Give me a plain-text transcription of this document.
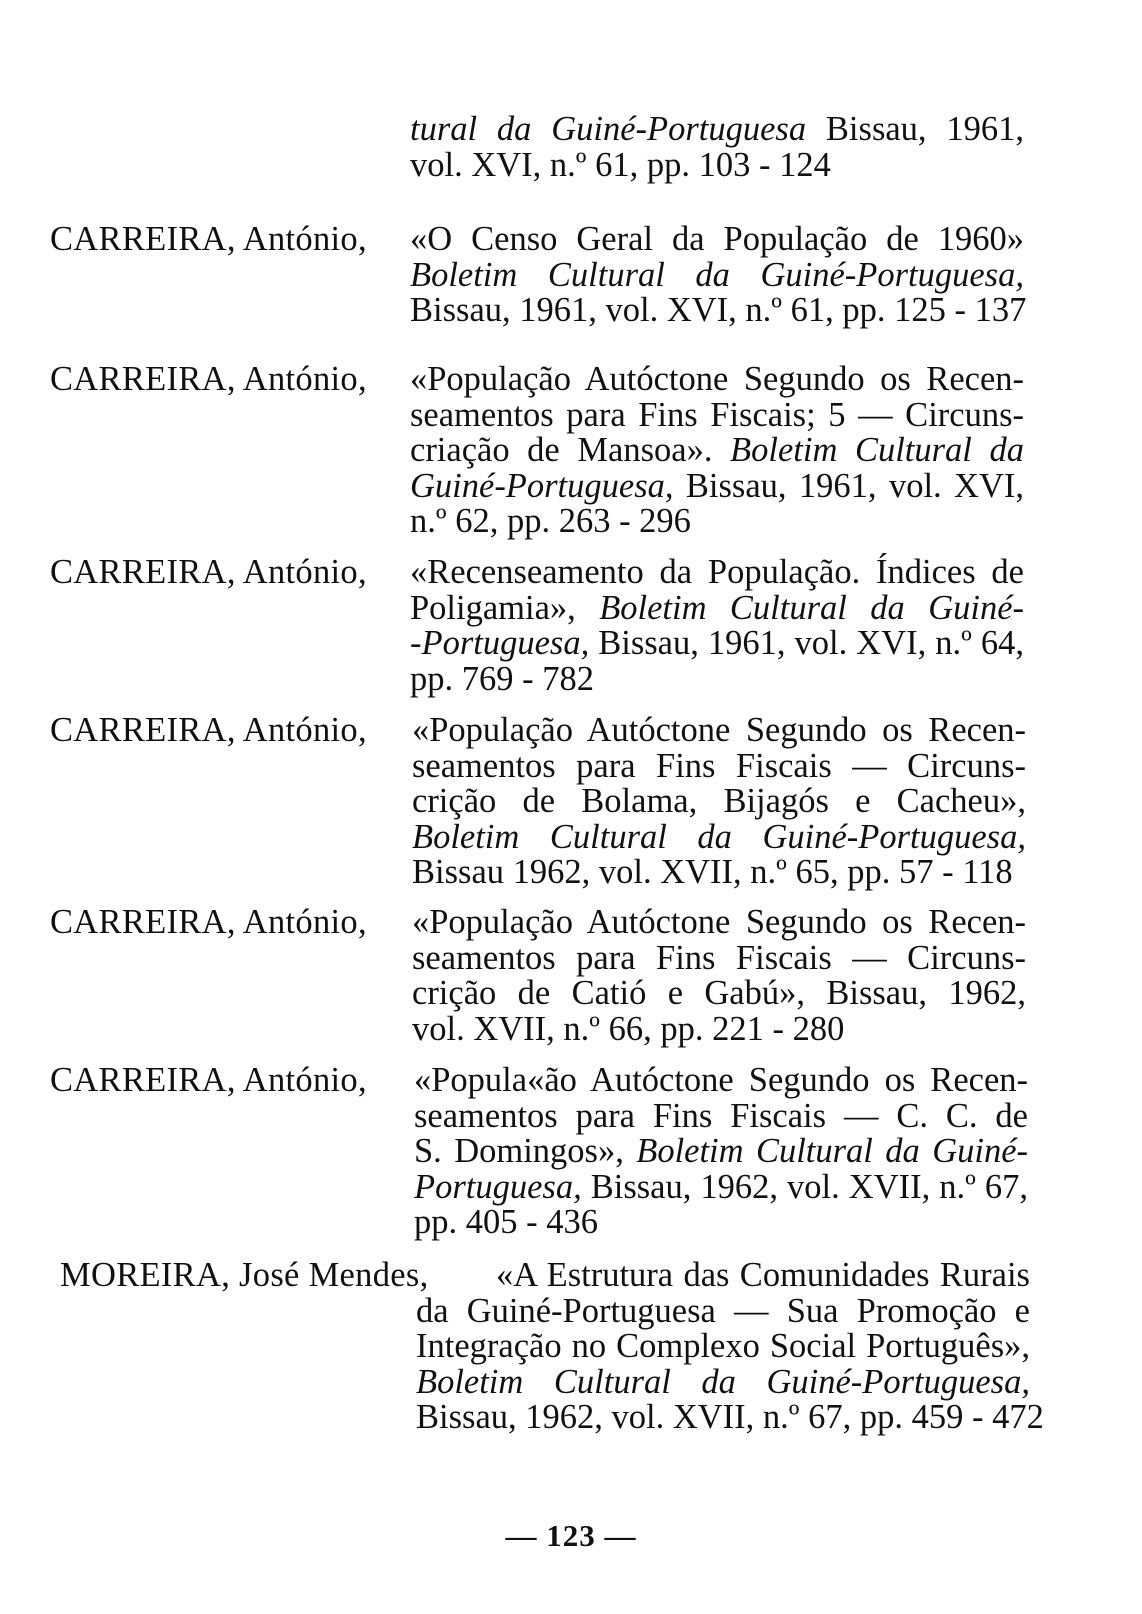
tural da Guiné-Portuguesa Bissau, 1961,
vol. XVI, n.º 61, pp. 103 - 124
CARREIRA, António, «O Censo Geral da População de 1960»
Boletim Cultural da Guiné-Portuguesa,
Bissau, 1961, vol. XVI, n.º 61, pp. 125 - 137
CARREIRA, António, «População Autóctone Segundo os Recen-
seamentos para Fins Fiscais; 5 — Circuns-
criação de Mansoa». Boletim Cultural da
Guiné-Portuguesa, Bissau, 1961, vol. XVI,
n.º 62, pp. 263 - 296
CARREIRA, António, «Recenseamento da População. Índices de
Poligamia», Boletim Cultural da Guiné-
-Portuguesa, Bissau, 1961, vol. XVI, n.º 64,
pp. 769 - 782
CARREIRA, António, «População Autóctone Segundo os Recen-
seamentos para Fins Fiscais — Circuns-
crição de Bolama, Bijagós e Cacheu»,
Boletim Cultural da Guiné-Portuguesa,
Bissau 1962, vol. XVII, n.º 65, pp. 57 - 118
CARREIRA, António, «População Autóctone Segundo os Recen-
seamentos para Fins Fiscais — Circuns-
crição de Catió e Gabú», Bissau, 1962,
vol. XVII, n.º 66, pp. 221 - 280
CARREIRA, António, «Popula«ão Autóctone Segundo os Recen-
seamentos para Fins Fiscais — C. C. de
S. Domingos», Boletim Cultural da Guiné-
Portuguesa, Bissau, 1962, vol. XVII, n.º 67,
pp. 405 - 436
MOREIRA, José Mendes,	«A Estrutura das Comunidades Rurais
da Guiné-Portuguesa — Sua Promoção e
Integração no Complexo Social Português»,
Boletim Cultural da Guiné-Portuguesa,
Bissau, 1962, vol. XVII, n.º 67, pp. 459 - 472
— 123 —
